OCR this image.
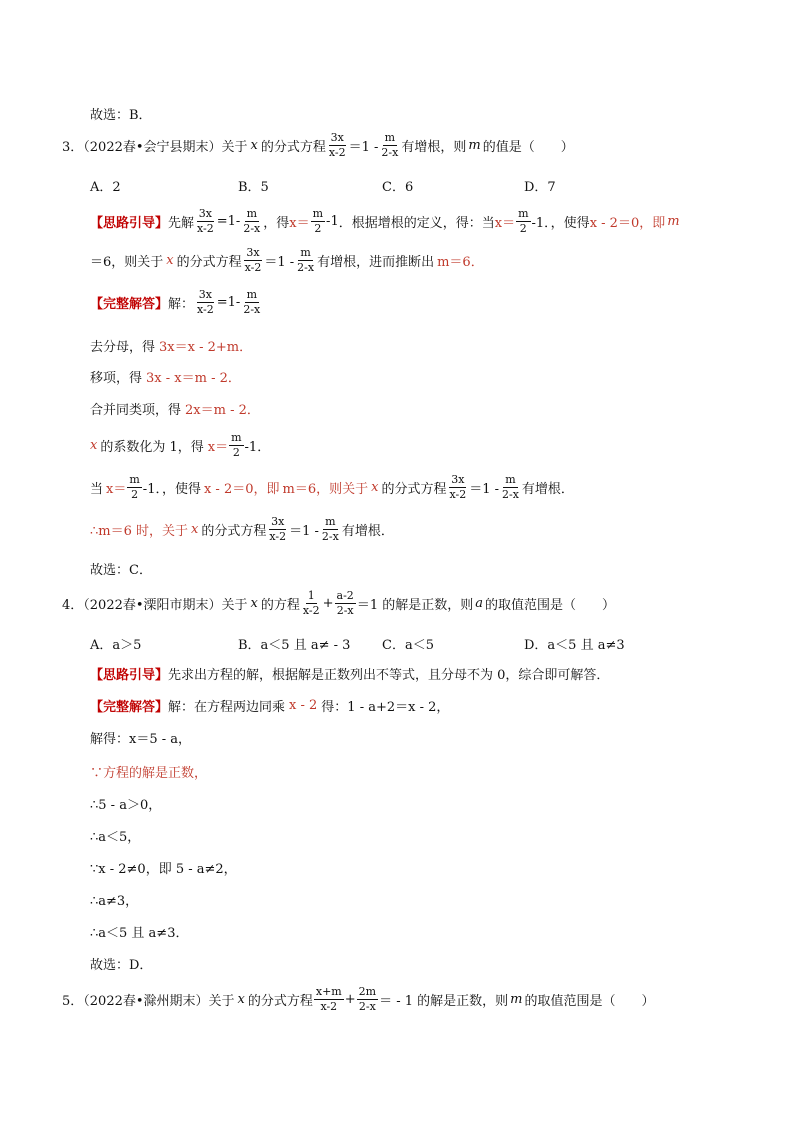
故选：B．
3．（2022春•会宁县期末）关于 x 的分式方程 $\frac{3x}{x-2} =1 - \frac{m}{2-x}$ 有增根，则 m 的值是（　　）
A．2	B．5	C．6	D．7
【思路引导】 先解 $\frac{3x}{x-2} =1- \frac{m}{2-x}$ ，得 $x= \frac{m}{2} -1$ ．根据增根的定义，得：当 $x= \frac{m}{2} -1$．，使得 x - 2＝0，即 m
＝6，则关于 x 的分式方程 $\frac{3x}{x-2} =1 - \frac{m}{2-x}$ 有增根，进而推断出 m＝6．
【完整解答】 解： $\frac{3x}{x-2} =1- \frac{m}{2-x}$
去分母，得 3x＝x - 2+m．
移项，得 3x - x＝m - 2．
合并同类项，得 2x＝m - 2．
x 的系数化为 1，得 $x= \frac{m}{2} -1$．
当 $x= \frac{m}{2} -1$．，使得 x - 2＝0，即 m＝6，则关于 x 的分式方程 $\frac{3x}{x-2} =1 - \frac{m}{2-x}$ 有增根．
∴m＝6 时，关于 x 的分式方程 $\frac{3x}{x-2} =1 - \frac{m}{2-x}$ 有增根．
故选：C．
4．（2022春•溧阳市期末）关于 x 的方程 $\frac{1}{x-2} + \frac{a-2}{2-x} =1$ 的解是正数，则 a 的取值范围是（　　）
A．a＞5	B．a＜5 且 a≠ - 3 C．a＜5	D．a＜5 且 a≠3
【思路引导】 先求出方程的解，根据解是正数列出不等式，且分母不为 0，综合即可解答．
【完整解答】 解：在方程两边同乘 x - 2 得：1 - a+2＝x - 2，
解得：x＝5 - a，
∵方程的解是正数，
∴5 - a＞0，
∴a＜5，
∵x - 2≠0，即 5 - a≠2，
∴a≠3，
∴a＜5 且 a≠3．
故选：D．
5．（2022春•滁州期末）关于 x 的分式方程 $\frac{x+m}{x-2} + \frac{2m}{2-x}$ ＝ - 1 的解是正数，则 m 的取值范围是（　　）
